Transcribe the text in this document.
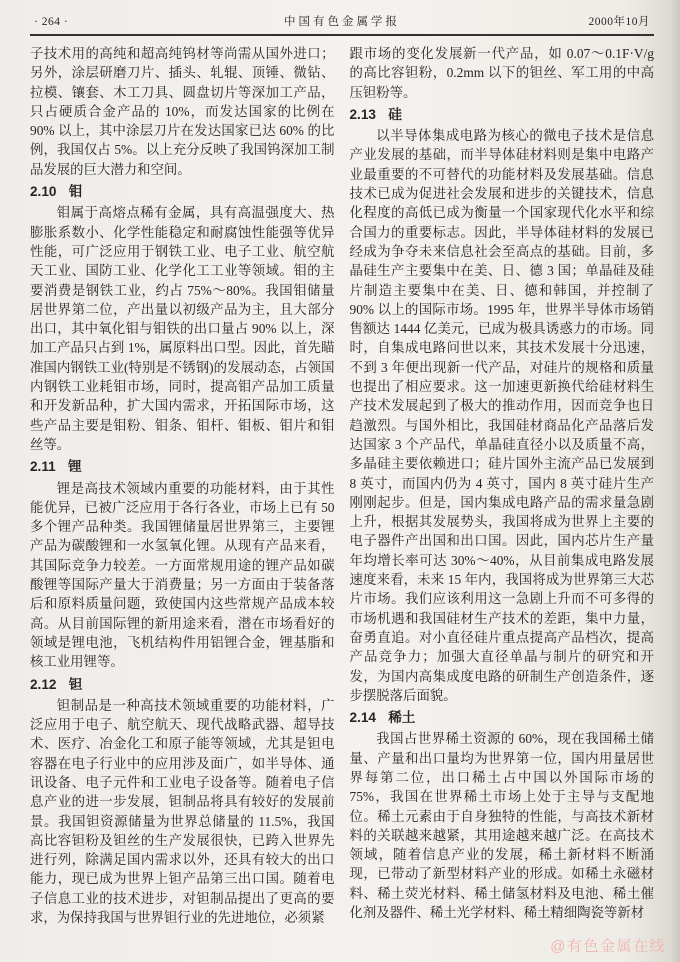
· 264 ·	中国有色金属学报	2000年10月

子技术用的高纯和超高纯钨材等尚需从国外进口；另外，涂层研磨刀片、插头、轧辊、顶锤、微钻、拉模、镶套、木工刀具、圆盘切片等深加工产品，只占硬质合金产品的 10%，而发达国家的比例在 90% 以上，其中涂层刀片在发达国家已达 60% 的比例，我国仅占 5%。以上充分反映了我国钨深加工制品发展的巨大潜力和空间。

2.10 钼

钼属于高熔点稀有金属，具有高温强度大、热膨胀系数小、化学性能稳定和耐腐蚀性能强等优异性能，可广泛应用于钢铁工业、电子工业、航空航天工业、国防工业、化学化工工业等领域。钼的主要消费是钢铁工业，约占 75%～80%。我国钼储量居世界第二位，产出量以初级产品为主，且大部分出口，其中氧化钼与钼铁的出口量占 90% 以上，深加工产品只占到 1%，属原料出口型。因此，首先瞄准国内钢铁工业(特别是不锈钢)的发展动态，占领国内钢铁工业耗钼市场，同时，提高钼产品加工质量和开发新品种，扩大国内需求，开拓国际市场，这些产品主要是钼粉、钼条、钼杆、钼板、钼片和钼丝等。

2.11 锂

锂是高技术领域内重要的功能材料，由于其性能优异，已被广泛应用于各行各业，市场上已有 50 多个锂产品种类。我国锂储量居世界第三，主要锂产品为碳酸锂和一水氢氧化锂。从现有产品来看，其国际竞争力较差。一方面常规用途的锂产品如碳酸锂等国际产量大于消费量；另一方面由于装备落后和原料质量问题，致使国内这些常规产品成本较高。从目前国际锂的新用途来看，潜在市场看好的领域是锂电池，飞机结构件用铝锂合金，锂基脂和核工业用锂等。

2.12 钽

钽制品是一种高技术领域重要的功能材料，广泛应用于电子、航空航天、现代战略武器、超导技术、医疗、冶金化工和原子能等领域，尤其是钽电容器在电子行业中的应用涉及面广，如半导体、通讯设备、电子元件和工业电子设备等。随着电子信息产业的进一步发展，钽制品将具有较好的发展前景。我国钽资源储量为世界总储量的 11.5%，我国高比容钽粉及钽丝的生产发展很快，已跨入世界先进行列，除满足国内需求以外，还具有较大的出口能力，现已成为世界上钽产品第三出口国。随着电子信息工业的技术进步，对钽制品提出了更高的要求，为保持我国与世界钽行业的先进地位，必须紧

跟市场的变化发展新一代产品，如 0.07～0.1F·V/g 的高比容钽粉，0.2mm 以下的钽丝、军工用的中高压钽粉等。

2.13 硅

以半导体集成电路为核心的微电子技术是信息产业发展的基础，而半导体硅材料则是集中电路产业最重要的不可替代的功能材料及发展基础。信息技术已成为促进社会发展和进步的关键技术，信息化程度的高低已成为衡量一个国家现代化水平和综合国力的重要标志。因此，半导体硅材料的发展已经成为争夺未来信息社会至高点的基础。目前，多晶硅生产主要集中在美、日、德 3 国；单晶硅及硅片制造主要集中在美、日、德和韩国，并控制了 90% 以上的国际市场。1995 年，世界半导体市场销售额达 1444 亿美元，已成为极具诱惑力的市场。同时，自集成电路问世以来，其技术发展十分迅速，不到 3 年便出现新一代产品，对硅片的规格和质量也提出了相应要求。这一加速更新换代给硅材料生产技术发展起到了极大的推动作用，因而竞争也日趋激烈。与国外相比，我国硅材商品化产品落后发达国家 3 个产品代，单晶硅直径小以及质量不高，多晶硅主要依赖进口；硅片国外主流产品已发展到 8 英寸，而国内仍为 4 英寸，国内 8 英寸硅片生产刚刚起步。但是，国内集成电路产品的需求量急剧上升，根据其发展势头，我国将成为世界上主要的电子器件产出国和出口国。因此，国内芯片生产量年均增长率可达 30%～40%，从目前集成电路发展速度来看，未来 15 年内，我国将成为世界第三大芯片市场。我们应该利用这一急剧上升而不可多得的市场机遇和我国硅材生产技术的差距，集中力量，奋勇直追。对小直径硅片重点提高产品档次，提高产品竞争力；加强大直径单晶与制片的研究和开发，为国内高集成度电路的研制生产创造条件，逐步摆脱落后面貌。

2.14 稀土

我国占世界稀土资源的 60%，现在我国稀土储量、产量和出口量均为世界第一位，国内用量居世界每第二位，出口稀土占中国以外国际市场的 75%，我国在世界稀土市场上处于主导与支配地位。稀土元素由于自身独特的性能，与高技术新材料的关联越来越紧，其用途越来越广泛。在高技术领域，随着信息产业的发展，稀土新材料不断涌现，已带动了新型材料产业的形成。如稀土永磁材料、稀土荧光材料、稀土储氢材料及电池、稀土催化剂及器件、稀土光学材料、稀土精细陶瓷等新材

@有色金属在线
